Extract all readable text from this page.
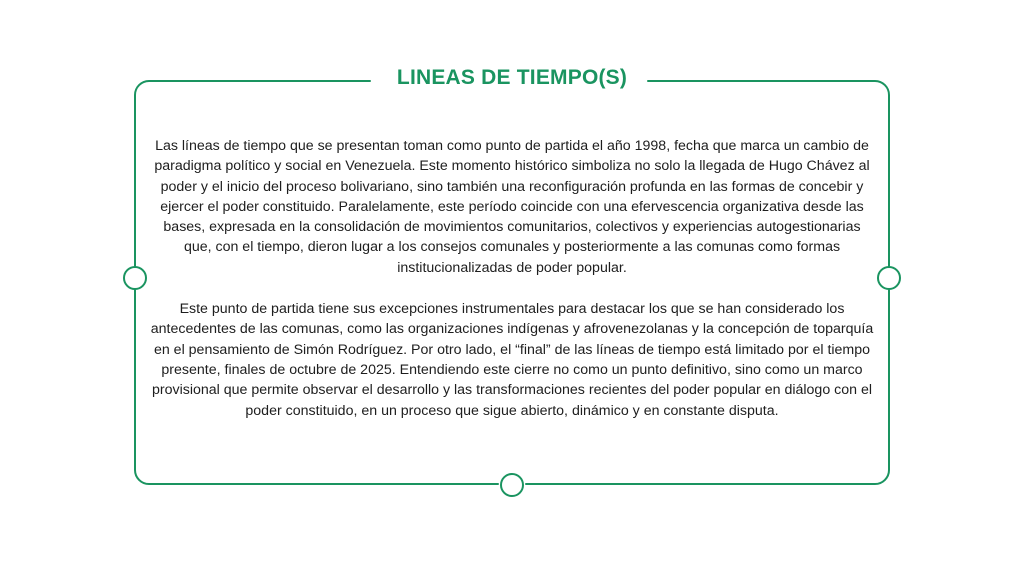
LINEAS DE TIEMPO(S)

Las líneas de tiempo que se presentan toman como punto de partida el año 1998, fecha que marca un cambio de paradigma político y social en Venezuela. Este momento histórico simboliza no solo la llegada de Hugo Chávez al poder y el inicio del proceso bolivariano, sino también una reconfiguración profunda en las formas de concebir y ejercer el poder constituido. Paralelamente, este período coincide con una efervescencia organizativa desde las bases, expresada en la consolidación de movimientos comunitarios, colectivos y experiencias autogestionarias que, con el tiempo, dieron lugar a los consejos comunales y posteriormente a las comunas como formas institucionalizadas de poder popular.

Este punto de partida tiene sus excepciones instrumentales para destacar los que se han considerado los antecedentes de las comunas, como las organizaciones indígenas y afrovenezolanas y la concepción de toparquía en el pensamiento de Simón Rodríguez. Por otro lado, el “final” de las líneas de tiempo está limitado por el tiempo presente, finales de octubre de 2025. Entendiendo este cierre no como un punto definitivo, sino como un marco provisional que permite observar el desarrollo y las transformaciones recientes del poder popular en diálogo con el poder constituido, en un proceso que sigue abierto, dinámico y en constante disputa.
